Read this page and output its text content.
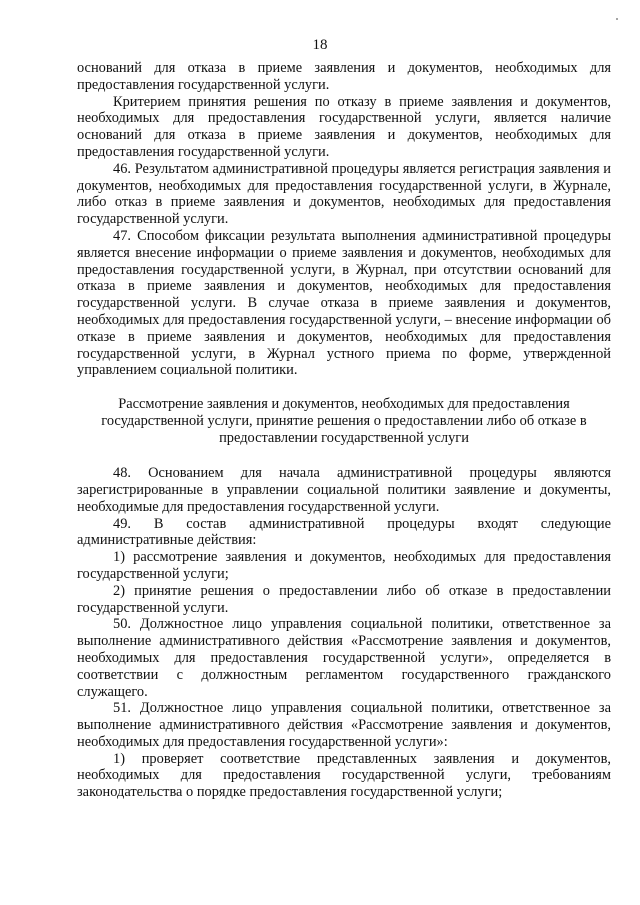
18

оснований для отказа в приеме заявления и документов, необходимых для предоставления государственной услуги.

Критерием принятия решения по отказу в приеме заявления и документов, необходимых для предоставления государственной услуги, является наличие оснований для отказа в приеме заявления и документов, необходимых для предоставления государственной услуги.

46. Результатом административной процедуры является регистрация заявления и документов, необходимых для предоставления государственной услуги, в Журнале, либо отказ в приеме заявления и документов, необходимых для предоставления государственной услуги.

47. Способом фиксации результата выполнения административной процедуры является внесение информации о приеме заявления и документов, необходимых для предоставления государственной услуги, в Журнал, при отсутствии оснований для отказа в приеме заявления и документов, необходимых для предоставления государственной услуги. В случае отказа в приеме заявления и документов, необходимых для предоставления государственной услуги, – внесение информации об отказе в приеме заявления и документов, необходимых для предоставления государственной услуги, в Журнал устного приема по форме, утвержденной управлением социальной политики.

Рассмотрение заявления и документов, необходимых для предоставления государственной услуги, принятие решения о предоставлении либо об отказе в предоставлении государственной услуги

48. Основанием для начала административной процедуры являются зарегистрированные в управлении социальной политики заявление и документы, необходимые для предоставления государственной услуги.

49. В состав административной процедуры входят следующие административные действия:

1) рассмотрение заявления и документов, необходимых для предоставления государственной услуги;

2) принятие решения о предоставлении либо об отказе в предоставлении государственной услуги.

50. Должностное лицо управления социальной политики, ответственное за выполнение административного действия «Рассмотрение заявления и документов, необходимых для предоставления государственной услуги», определяется в соответствии с должностным регламентом государственного гражданского служащего.

51. Должностное лицо управления социальной политики, ответственное за выполнение административного действия «Рассмотрение заявления и документов, необходимых для предоставления государственной услуги»:

1) проверяет соответствие представленных заявления и документов, необходимых для предоставления государственной услуги, требованиям законодательства о порядке предоставления государственной услуги;
